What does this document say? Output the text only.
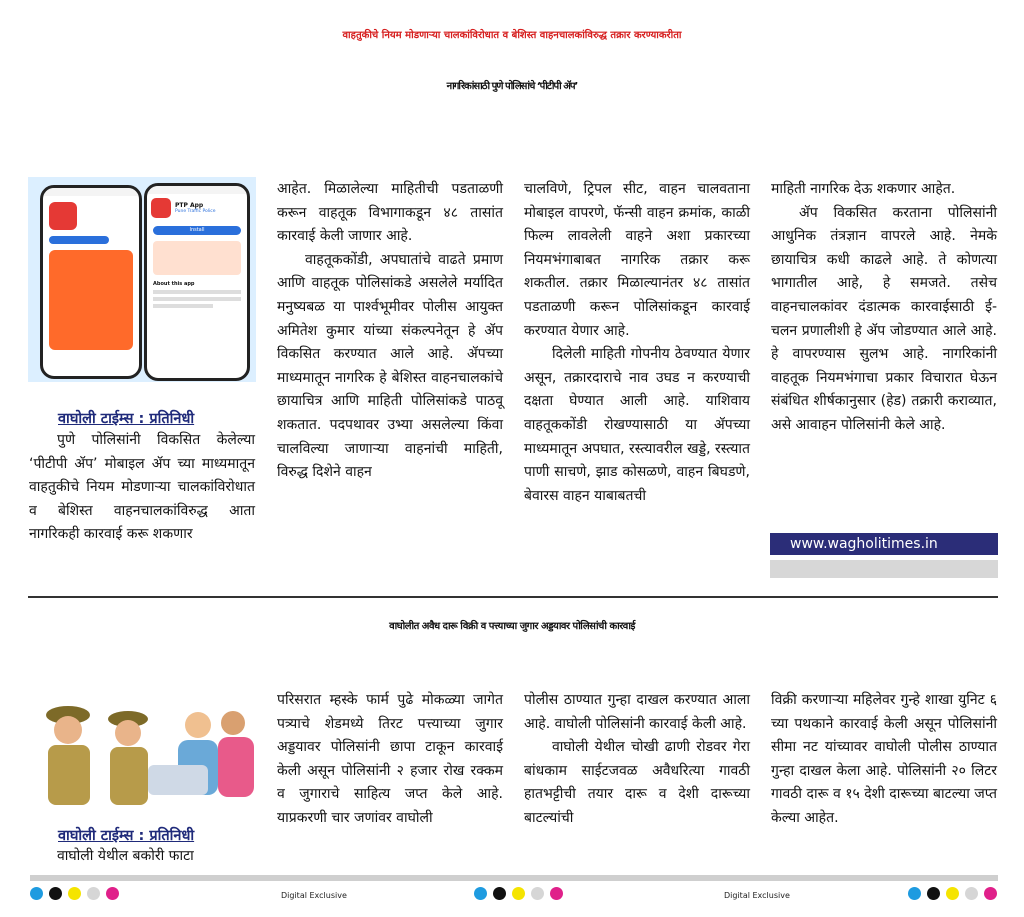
वाहतुकीचे नियम मोडणाऱ्या चालकांविरोधात व बेशिस्त वाहनचालकांविरुद्ध तक्रार करण्याकरीता
नागरिकांसाठी पुणे पोलिसांचे ‘पीटीपी ॲप’
PTP App
Pune Traffic Police
Install
About this app
वाघोली टाईम्स : प्रतिनिधी

पुणे पोलिसांनी विकसित केलेल्या ‘पीटीपी ॲप’ मोबाइल ॲप च्या माध्यमातून वाहतुकीचे नियम मोडणाऱ्या चालकांविरोधात व बेशिस्त वाहनचालकांविरुद्ध आता नागरिकही कारवाई करू शकणार

आहेत. मिळालेल्या माहितीची पडताळणी करून वाहतूक विभागाकडून ४८ तासांत कारवाई केली जाणार आहे.

वाहतूककोंडी, अपघातांचे वाढते प्रमाण आणि वाहतूक पोलिसांकडे असलेले मर्यादित मनुष्यबळ या पार्श्वभूमीवर पोलीस आयुक्त अमितेश कुमार यांच्या संकल्पनेतून हे ॲप विकसित करण्यात आले आहे. ॲपच्या माध्यमातून नागरिक हे बेशिस्त वाहनचालकांचे छायाचित्र आणि माहिती पोलिसांकडे पाठवू शकतात. पदपथावर उभ्या असलेल्या किंवा चालविल्या जाणाऱ्या वाहनांची माहिती, विरुद्ध दिशेने वाहन

चालविणे, ट्रिपल सीट, वाहन चालवताना मोबाइल वापरणे, फॅन्सी वाहन क्रमांक, काळी फिल्म लावलेली वाहने अशा प्रकारच्या नियमभंगाबाबत नागरिक तक्रार करू शकतील. तक्रार मिळाल्यानंतर ४८ तासांत पडताळणी करून पोलिसांकडून कारवाई करण्यात येणार आहे.

दिलेली माहिती गोपनीय ठेवण्यात येणार असून, तक्रारदाराचे नाव उघड न करण्याची दक्षता घेण्यात आली आहे. याशिवाय वाहतूककोंडी रोखण्यासाठी या ॲपच्या माध्यमातून अपघात, रस्त्यावरील खड्डे, रस्त्यात पाणी साचणे, झाड कोसळणे, वाहन बिघडणे, बेवारस वाहन याबाबतची

माहिती नागरिक देऊ शकणार आहेत.

ॲप विकसित करताना पोलिसांनी आधुनिक तंत्रज्ञान वापरले आहे. नेमके छायाचित्र कधी काढले आहे. ते कोणत्या भागातील आहे, हे समजते. तसेच वाहनचालकांवर दंडात्मक कारवाईसाठी ई-चलन प्रणालीशी हे ॲप जोडण्यात आले आहे. हे वापरण्यास सुलभ आहे. नागरिकांनी वाहतूक नियमभंगाचा प्रकार विचारात घेऊन संबंधित शीर्षकानुसार (हेड) तक्रारी कराव्यात, असे आवाहन पोलिसांनी केले आहे.

www.wagholitimes.in
वाघोलीत अवैध दारू विक्री व पत्त्याच्या जुगार अड्डयावर पोलिसांची कारवाई
वाघोली टाईम्स : प्रतिनिधी

वाघोली येथील बकोरी फाटा

परिसरात म्हस्के फार्म पुढे मोकळ्या जागेत पत्र्याचे शेडमध्ये तिरट पत्त्याच्या जुगार अड्डयावर पोलिसांनी छापा टाकून कारवाई केली असून पोलिसांनी २ हजार रोख रक्कम व जुगाराचे साहित्य जप्त केले आहे. याप्रकरणी चार जणांवर वाघोली

पोलीस ठाण्यात गुन्हा दाखल करण्यात आला आहे. वाघोली पोलिसांनी कारवाई केली आहे.

वाघोली येथील चोखी ढाणी रोडवर गेरा बांधकाम साईटजवळ अवैधरित्या गावठी हातभट्टीची तयार दारू व देशी दारूच्या बाटल्यांची

विक्री करणाऱ्या महिलेवर गुन्हे शाखा युनिट ६ च्या पथकाने कारवाई केली असून पोलिसांनी सीमा नट यांच्यावर वाघोली पोलीस ठाण्यात गुन्हा दाखल केला आहे. पोलिसांनी २० लिटर गावठी दारू व १५ देशी दारूच्या बाटल्या जप्त केल्या आहेत.

Digital Exclusive	Digital Exclusive
